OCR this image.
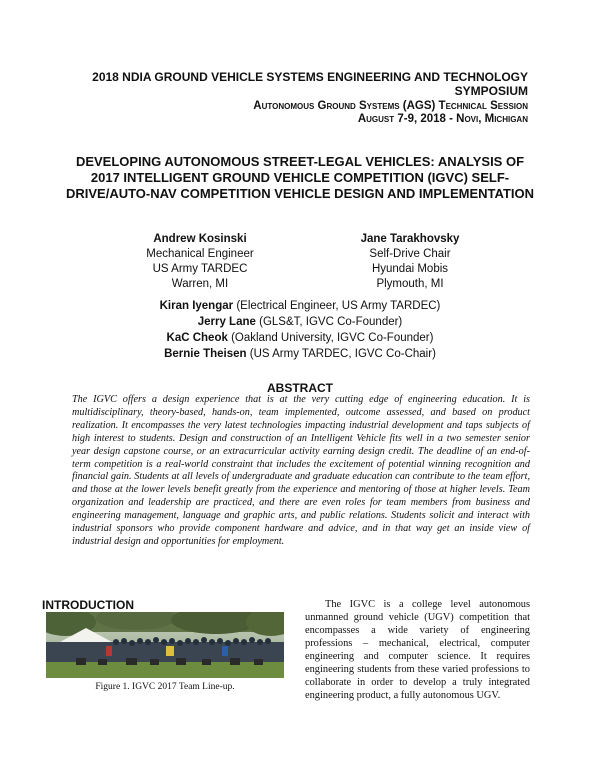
2018 NDIA GROUND VEHICLE SYSTEMS ENGINEERING AND TECHNOLOGY SYMPOSIUM
Autonomous Ground Systems (AGS) Technical Session
August 7-9, 2018 - Novi, Michigan
DEVELOPING AUTONOMOUS STREET-LEGAL VEHICLES: ANALYSIS OF 2017 INTELLIGENT GROUND VEHICLE COMPETITION (IGVC) SELF-DRIVE/AUTO-NAV COMPETITION VEHICLE DESIGN AND IMPLEMENTATION
Andrew Kosinski
Mechanical Engineer
US Army TARDEC
Warren, MI
Jane Tarakhovsky
Self-Drive Chair
Hyundai Mobis
Plymouth, MI
Kiran Iyengar (Electrical Engineer, US Army TARDEC)
Jerry Lane (GLS&T, IGVC Co-Founder)
KaC Cheok (Oakland University, IGVC Co-Founder)
Bernie Theisen (US Army TARDEC, IGVC Co-Chair)
ABSTRACT
The IGVC offers a design experience that is at the very cutting edge of engineering education. It is multidisciplinary, theory-based, hands-on, team implemented, outcome assessed, and based on product realization. It encompasses the very latest technologies impacting industrial development and taps subjects of high interest to students. Design and construction of an Intelligent Vehicle fits well in a two semester senior year design capstone course, or an extracurricular activity earning design credit. The deadline of an end-of-term competition is a real-world constraint that includes the excitement of potential winning recognition and financial gain. Students at all levels of undergraduate and graduate education can contribute to the team effort, and those at the lower levels benefit greatly from the experience and mentoring of those at higher levels. Team organization and leadership are practiced, and there are even roles for team members from business and engineering management, language and graphic arts, and public relations. Students solicit and interact with industrial sponsors who provide component hardware and advice, and in that way get an inside view of industrial design and opportunities for employment.
INTRODUCTION
Figure 1. IGVC 2017 Team Line-up.
The IGVC is a college level autonomous unmanned ground vehicle (UGV) competition that encompasses a wide variety of engineering professions – mechanical, electrical, computer engineering and computer science. It requires engineering students from these varied professions to collaborate in order to develop a truly integrated engineering product, a fully autonomous UGV.
